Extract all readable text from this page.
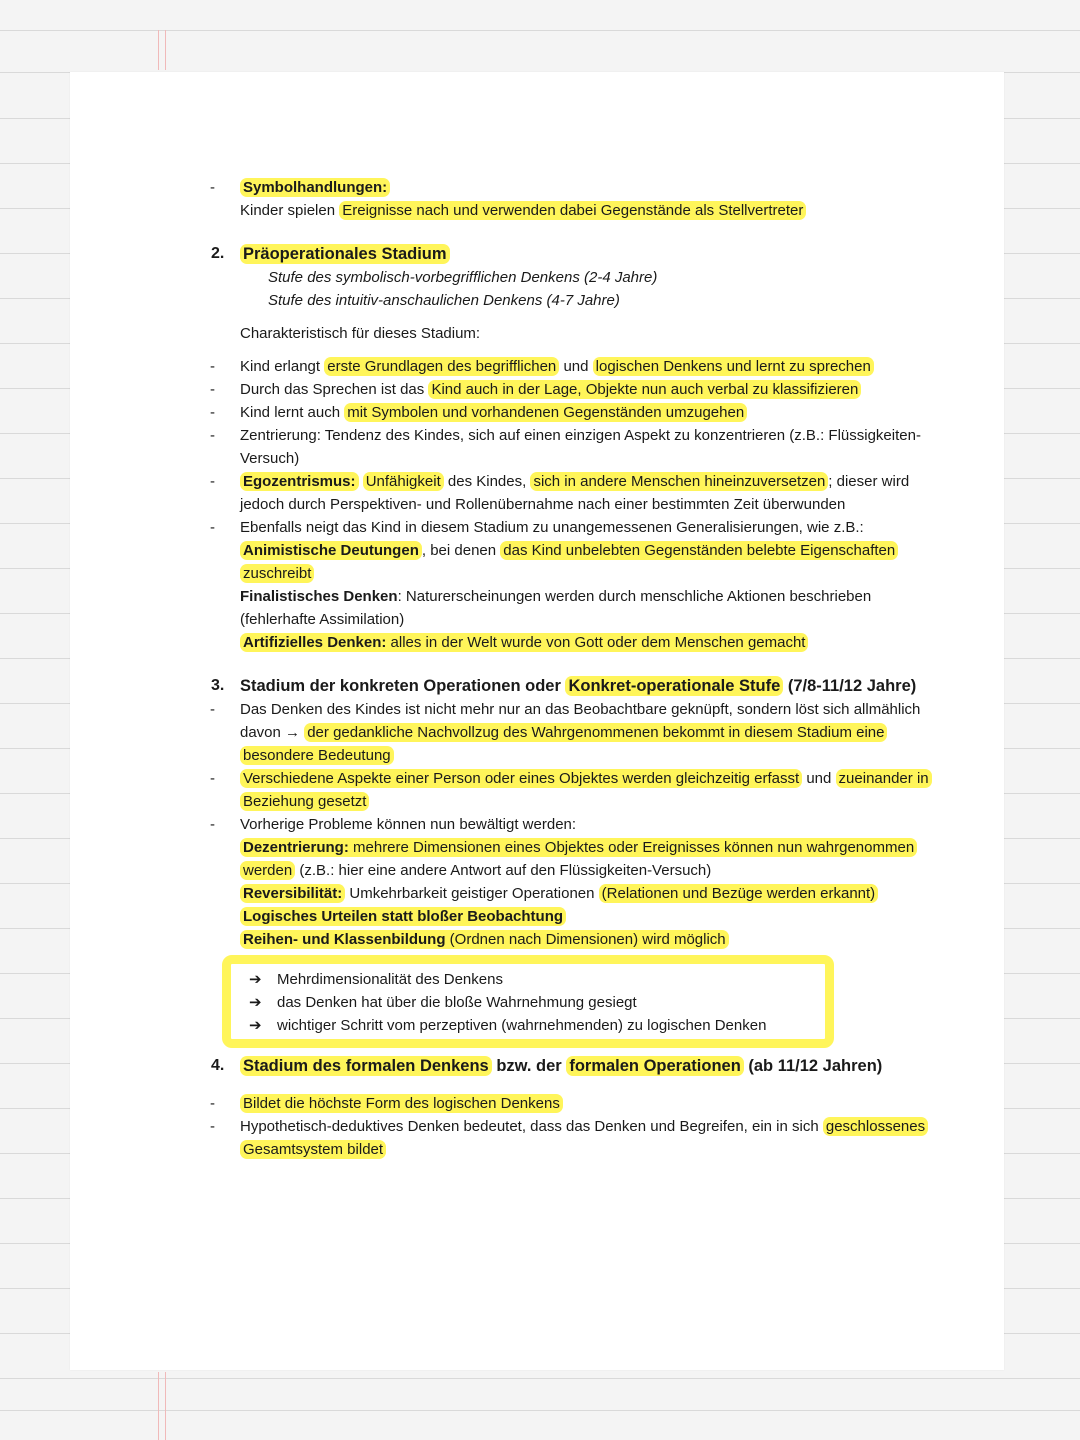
- Symbolhandlungen:
Kinder spielen Ereignisse nach und verwenden dabei Gegenstände als Stellvertreter
2. Präoperationales Stadium
Stufe des symbolisch-vorbegrifflichen Denkens (2-4 Jahre)
Stufe des intuitiv-anschaulichen Denkens (4-7 Jahre)
Charakteristisch für dieses Stadium:
- Kind erlangt erste Grundlagen des begrifflichen und logischen Denkens und lernt zu sprechen
- Durch das Sprechen ist das Kind auch in der Lage, Objekte nun auch verbal zu klassifizieren
- Kind lernt auch mit Symbolen und vorhandenen Gegenständen umzugehen
- Zentrierung: Tendenz des Kindes, sich auf einen einzigen Aspekt zu konzentrieren (z.B.: Flüssigkeiten-Versuch)
- Egozentrismus: Unfähigkeit des Kindes, sich in andere Menschen hineinzuversetzen ; dieser wird jedoch durch Perspektiven- und Rollenübernahme nach einer bestimmten Zeit überwunden
- Ebenfalls neigt das Kind in diesem Stadium zu unangemessenen Generalisierungen, wie z.B.:
Animistische Deutungen , bei denen das Kind unbelebten Gegenständen belebte Eigenschaften zuschreibt
Finalistisches Denken: Naturerscheinungen werden durch menschliche Aktionen beschrieben (fehlerhafte Assimilation)
Artifizielles Denken: alles in der Welt wurde von Gott oder dem Menschen gemacht
3. Stadium der konkreten Operationen oder Konkret-operationale Stufe (7/8-11/12 Jahre)
- Das Denken des Kindes ist nicht mehr nur an das Beobachtbare geknüpft, sondern löst sich allmählich davon → der gedankliche Nachvollzug des Wahrgenommenen bekommt in diesem Stadium eine besondere Bedeutung
- Verschiedene Aspekte einer Person oder eines Objektes werden gleichzeitig erfasst und zueinander in Beziehung gesetzt
- Vorherige Probleme können nun bewältigt werden:
Dezentrierung: mehrere Dimensionen eines Objektes oder Ereignisses können nun wahrgenommen werden (z.B.: hier eine andere Antwort auf den Flüssigkeiten-Versuch)
Reversibilität: Umkehrbarkeit geistiger Operationen (Relationen und Bezüge werden erkannt)
Logisches Urteilen statt bloßer Beobachtung
Reihen- und Klassenbildung (Ordnen nach Dimensionen) wird möglich
➔ Mehrdimensionalität des Denkens
➔ das Denken hat über die bloße Wahrnehmung gesiegt
➔ wichtiger Schritt vom perzeptiven (wahrnehmenden) zu logischen Denken
4. Stadium des formalen Denkens bzw. der formalen Operationen (ab 11/12 Jahren)
- Bildet die höchste Form des logischen Denkens
- Hypothetisch-deduktives Denken bedeutet, dass das Denken und Begreifen, ein in sich geschlossenes Gesamtsystem bildet
